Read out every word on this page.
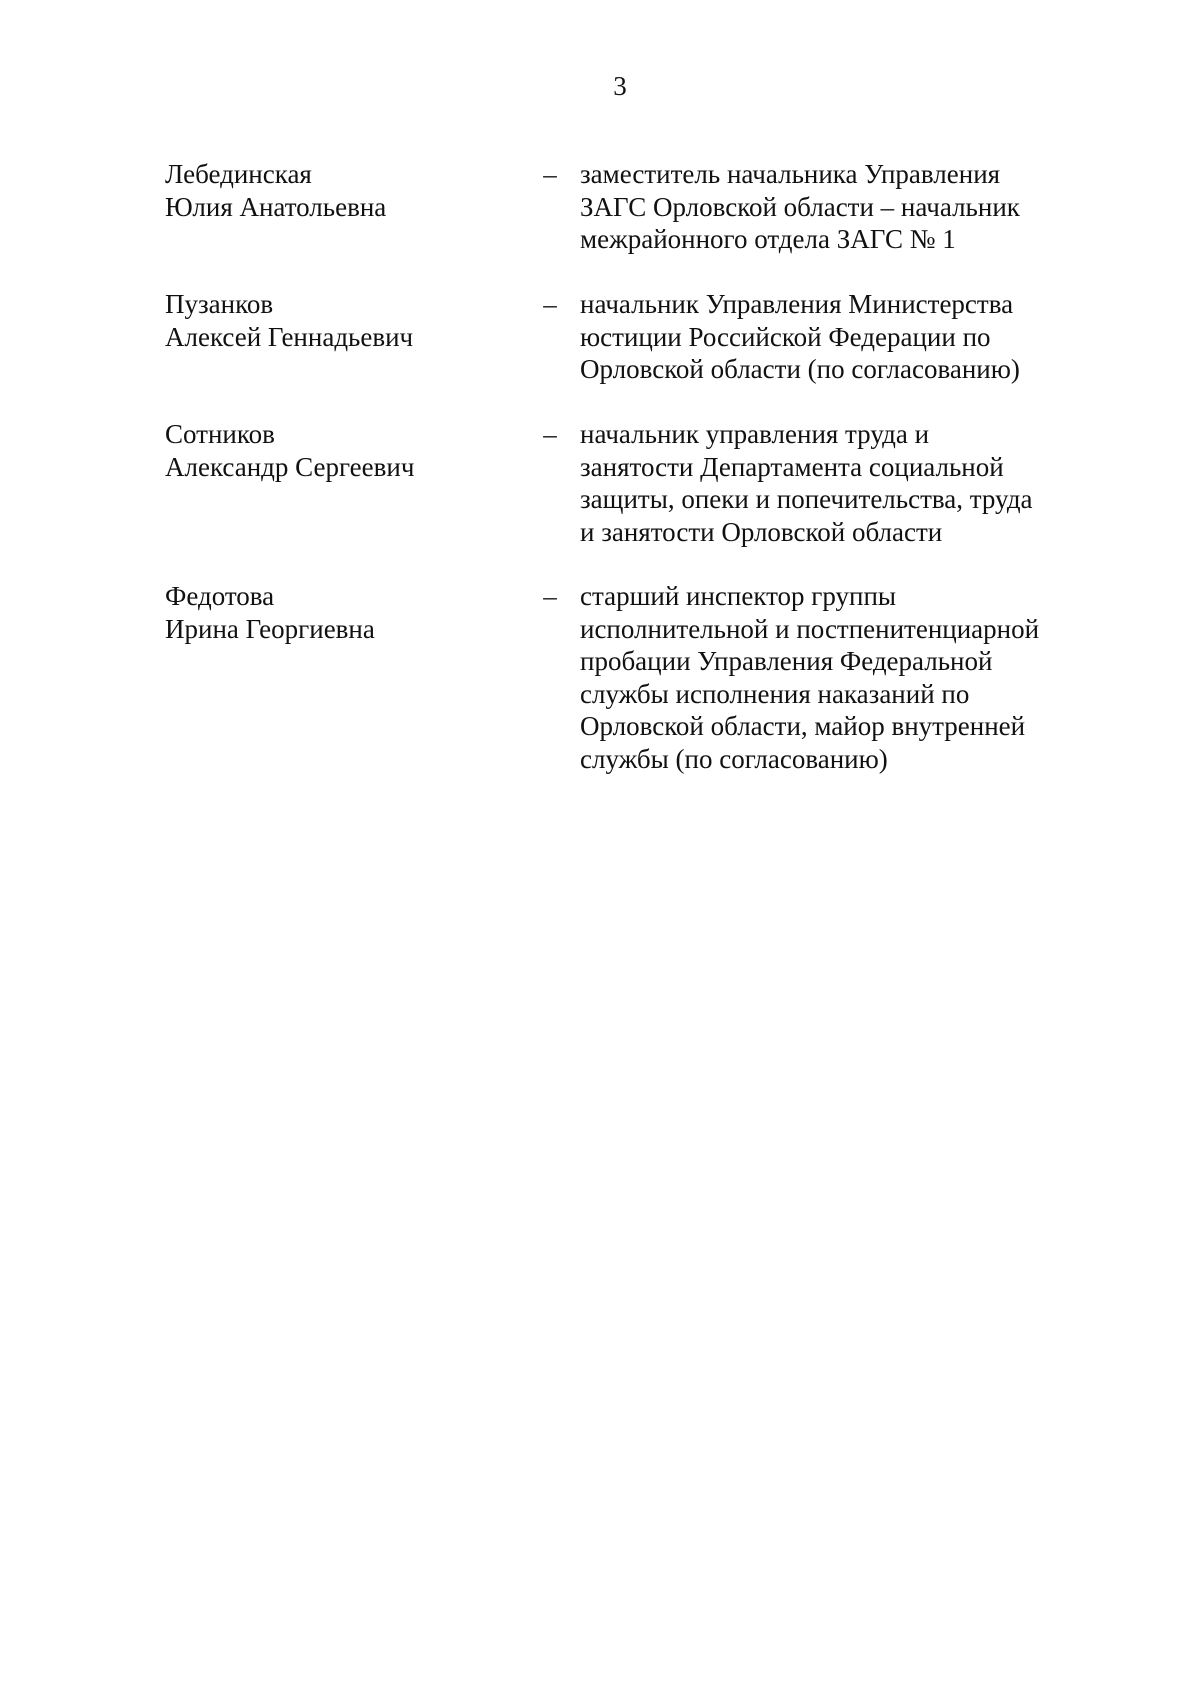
3
Лебединская
Юлия Анатольевна
– заместитель начальника Управления
ЗАГС Орловской области – начальник
межрайонного отдела ЗАГС № 1
Пузанков
Алексей Геннадьевич
– начальник Управления Министерства
юстиции Российской Федерации по
Орловской области (по согласованию)
Сотников
Александр Сергеевич
– начальник управления труда и
занятости Департамента социальной
защиты, опеки и попечительства, труда
и занятости Орловской области
Федотова
Ирина Георгиевна
– старший инспектор группы
исполнительной и постпенитенциарной
пробации Управления Федеральной
службы исполнения наказаний по
Орловской области, майор внутренней
службы (по согласованию)
